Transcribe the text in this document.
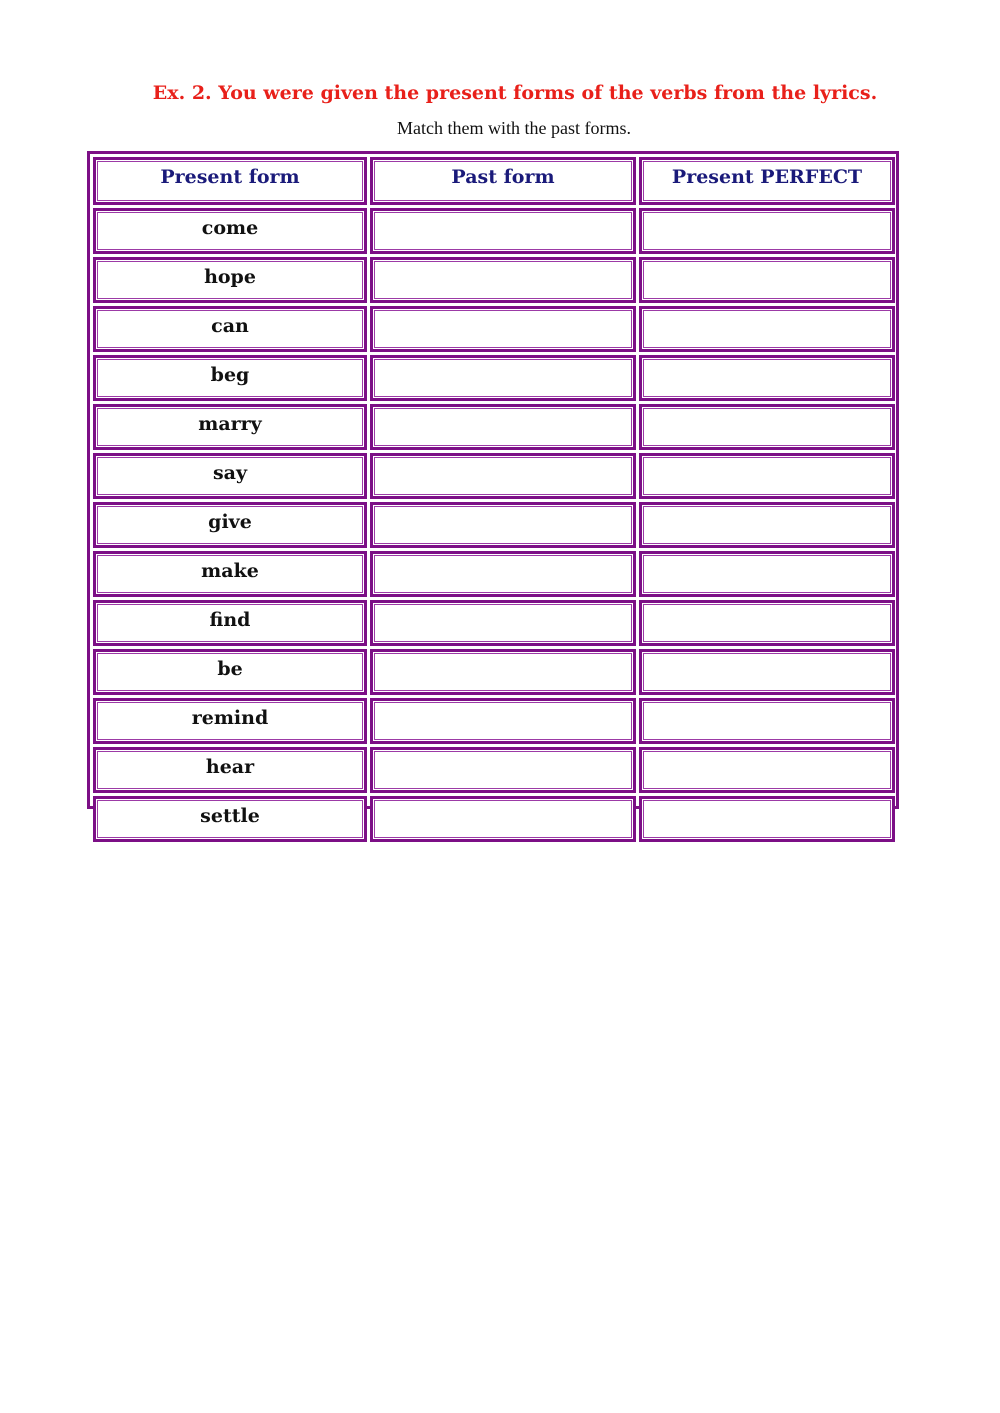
Ex. 2. You were given the present forms of the verbs from the lyrics.

Match them with the past forms.

Present form	Past form	Present PERFECT
come		
hope		
can		
beg		
marry		
say		
give		
make		
find		
be		
remind		
hear		
settle		
